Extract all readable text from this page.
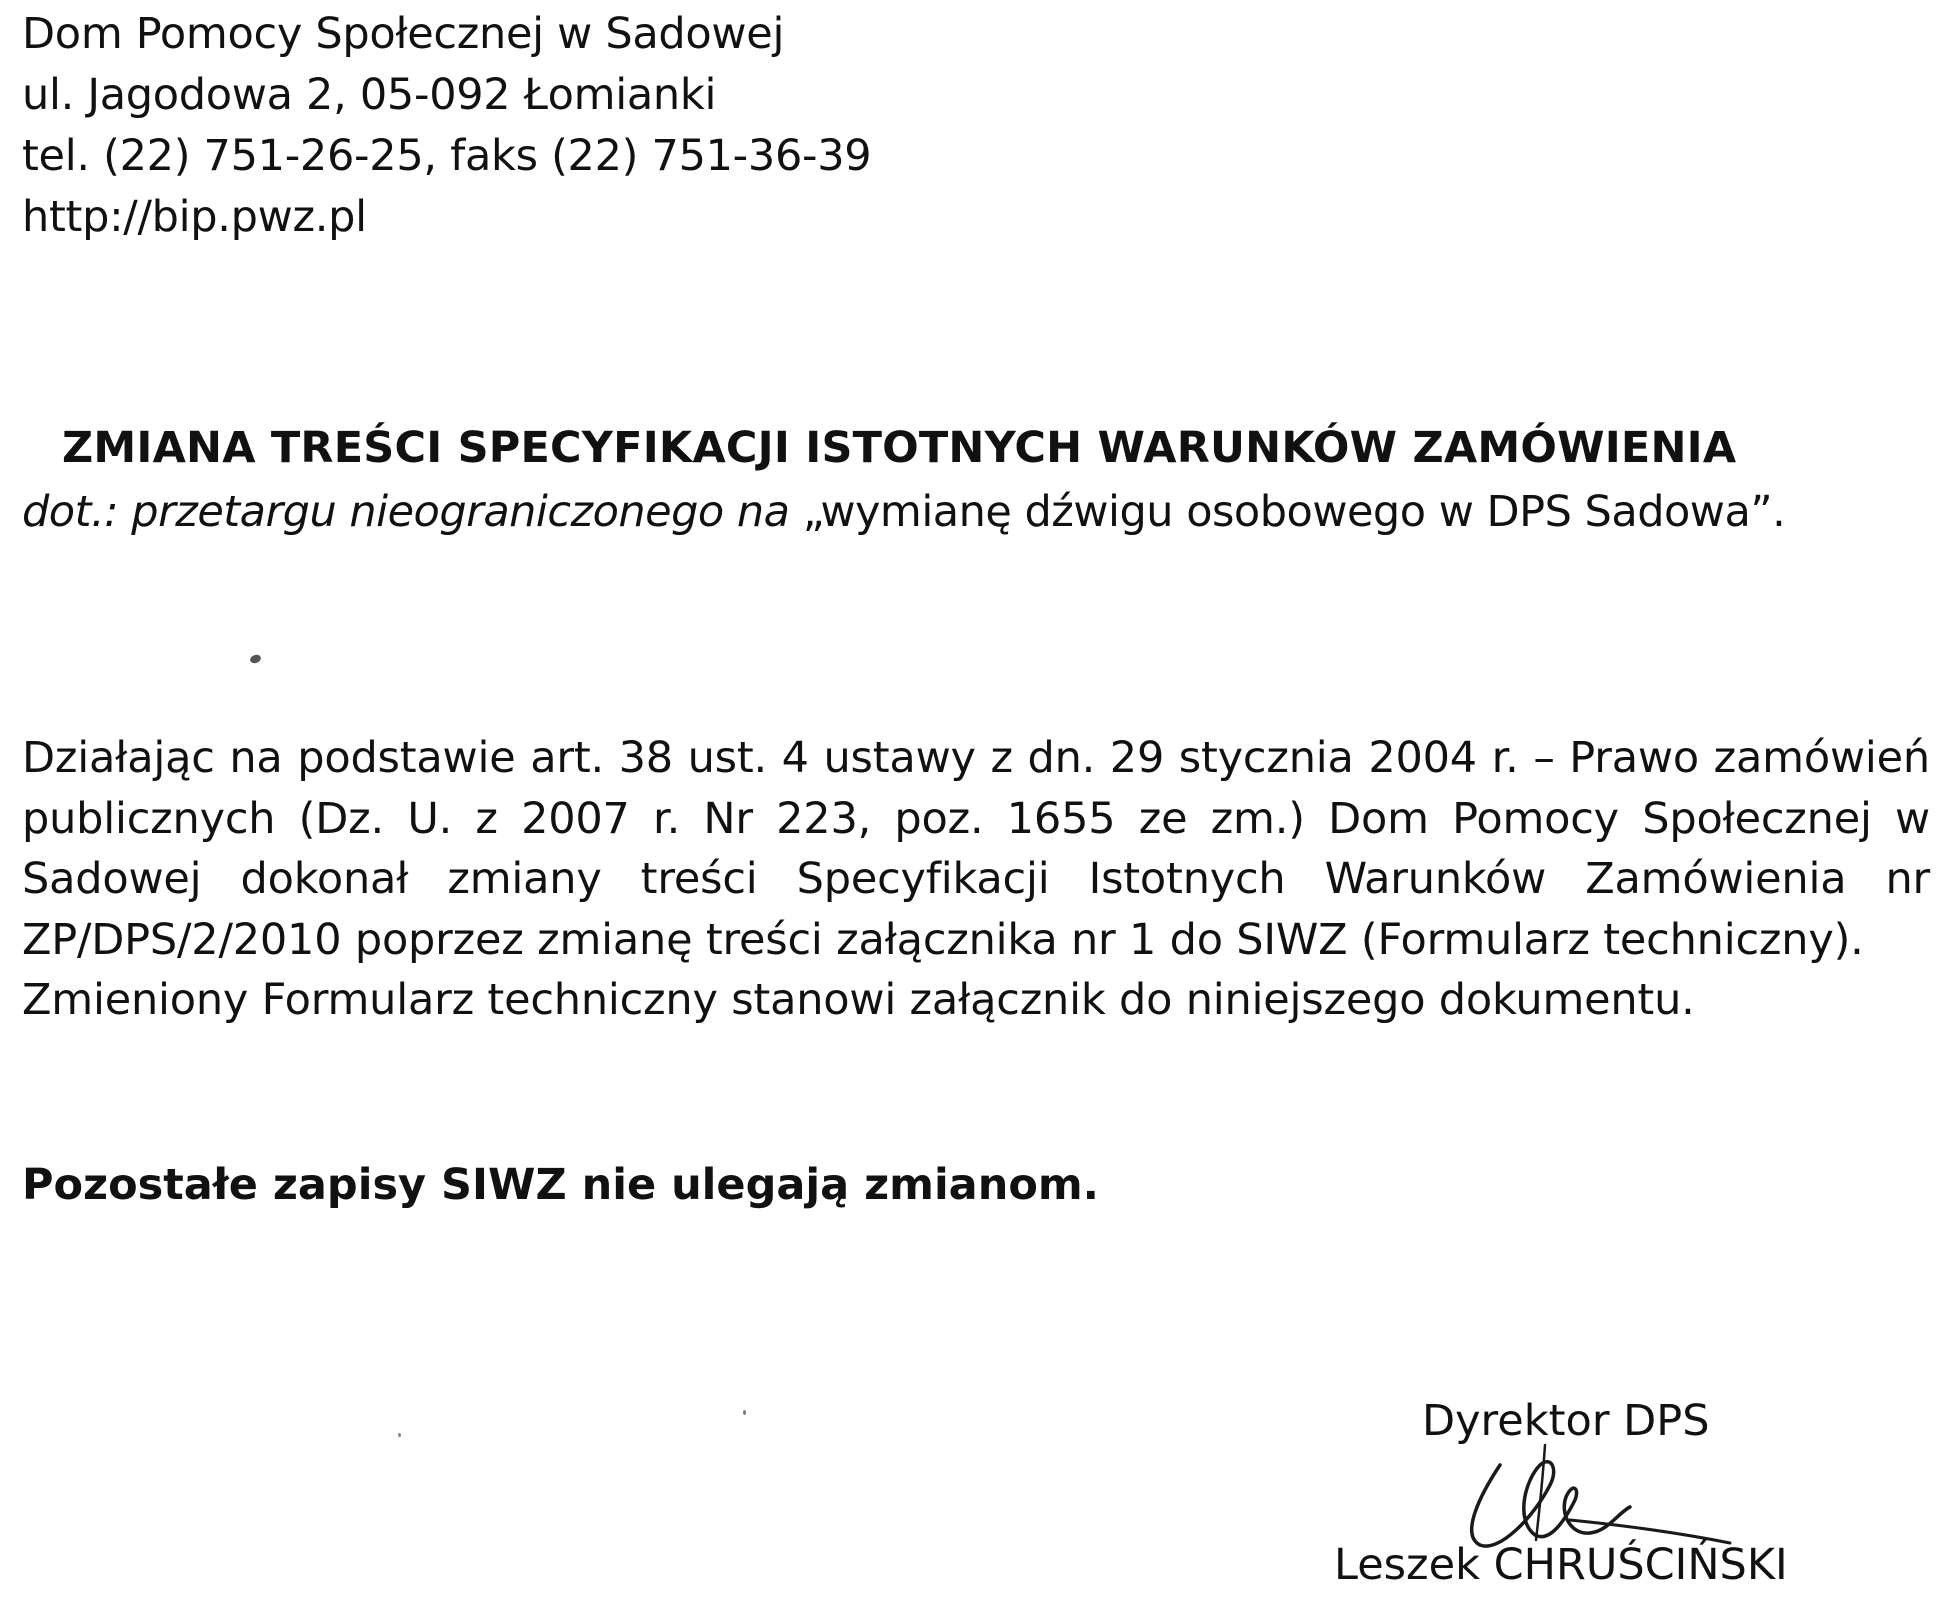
Dom Pomocy Społecznej w Sadowej
ul. Jagodowa 2, 05-092 Łomianki
tel. (22) 751-26-25, faks (22) 751-36-39
http://bip.pwz.pl
ZMIANA TREŚCI SPECYFIKACJI ISTOTNYCH WARUNKÓW ZAMÓWIENIA
dot.: przetargu nieograniczonego na „wymianę dźwigu osobowego w DPS Sadowa”.

Działając na podstawie art. 38 ust. 4 ustawy z dn. 29 stycznia 2004 r. – Prawo zamówień publicznych (Dz. U. z 2007 r. Nr 223, poz. 1655 ze zm.) Dom Pomocy Społecznej w Sadowej dokonał zmiany treści Specyfikacji Istotnych Warunków Zamówienia nr ZP/DPS/2/2010 poprzez zmianę treści załącznika nr 1 do SIWZ (Formularz techniczny).

Zmieniony Formularz techniczny stanowi załącznik do niniejszego dokumentu.

Pozostałe zapisy SIWZ nie ulegają zmianom.
Dyrektor DPS
Leszek CHRUŚCIŃSKI
